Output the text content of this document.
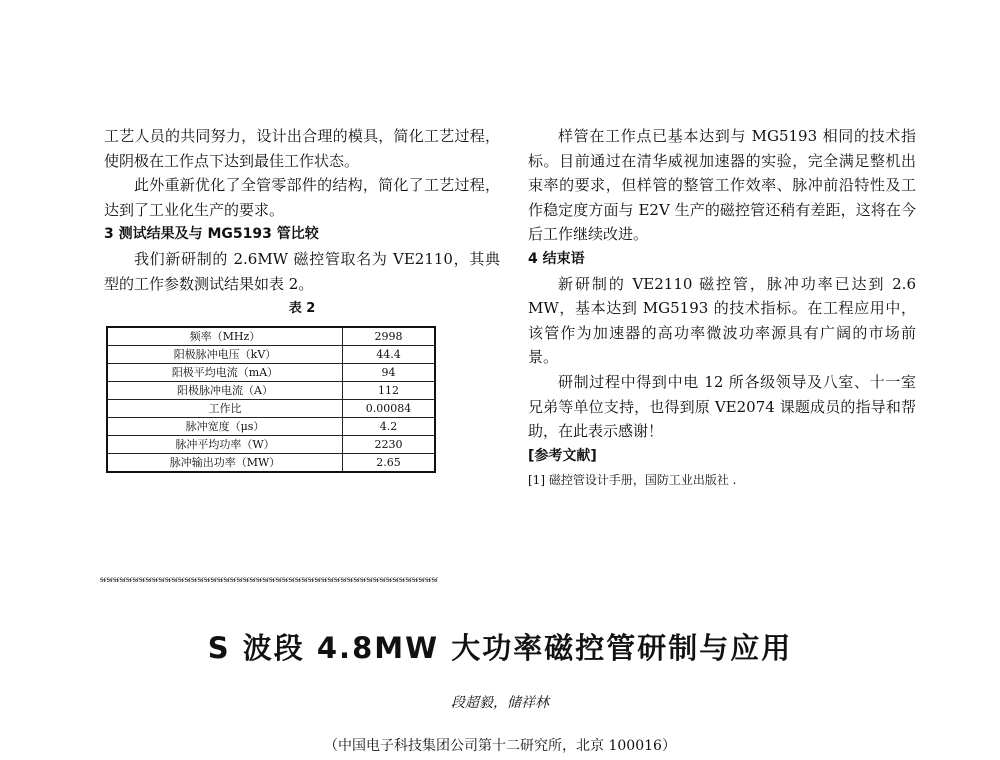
工艺人员的共同努力，设计出合理的模具，简化工艺过程，使阴极在工作点下达到最佳工作状态。

此外重新优化了全管零部件的结构，简化了工艺过程，达到了工业化生产的要求。

3 测试结果及与 MG5193 管比较

我们新研制的 2.6MW 磁控管取名为 VE2110，其典型的工作参数测试结果如表 2。

表 2
频率（MHz）	2998
阳极脉冲电压（kV）	44.4
阳极平均电流（mA）	94
阳极脉冲电流（A）	112
工作比	0.00084
脉冲宽度（μs）	4.2
脉冲平均功率（W）	2230
脉冲输出功率（MW）	2.65

样管在工作点已基本达到与 MG5193 相同的技术指标。目前通过在清华威视加速器的实验，完全满足整机出束率的要求，但样管的整管工作效率、脉冲前沿特性及工作稳定度方面与 E2V 生产的磁控管还稍有差距，这将在今后工作继续改进。

4 结束语

新研制的 VE2110 磁控管，脉冲功率已达到 2.6 MW，基本达到 MG5193 的技术指标。在工程应用中，该管作为加速器的高功率微波功率源具有广阔的市场前景。

研制过程中得到中电 12 所各级领导及八室、十一室兄弟等单位支持，也得到原 VE2074 课题成员的指导和帮助，在此表示感谢！

[参考文献]

[1] 磁控管设计手册，国防工业出版社 .

ᵴᵳᵴᵳᵴᵳᵴᵳᵴᵳᵴᵳᵴᵳᵴᵳᵴᵳᵴᵳᵴᵳᵴᵳᵴᵳᵴᵳᵴᵳᵴᵳᵴᵳᵴᵳᵴᵳᵴᵳᵴᵳᵴᵳᵴᵳᵴᵳᵴᵳᵴᵳᵴᵳᵴᵳᵴᵳᵴᵳᵴᵳᵴᵳᵴᵳᵴᵳᵴᵳᵴᵳᵴᵳᵴᵳᵴᵳᵴᵳᵴᵳᵴᵳᵴᵳᵴᵳᵴᵳᵴᵳᵴᵳᵴᵳᵴᵳᵴᵳᵴᵳᵴᵳ
S 波段 4.8MW 大功率磁控管研制与应用
段超毅，储祥林
（中国电子科技集团公司第十二研究所，北京 100016）
